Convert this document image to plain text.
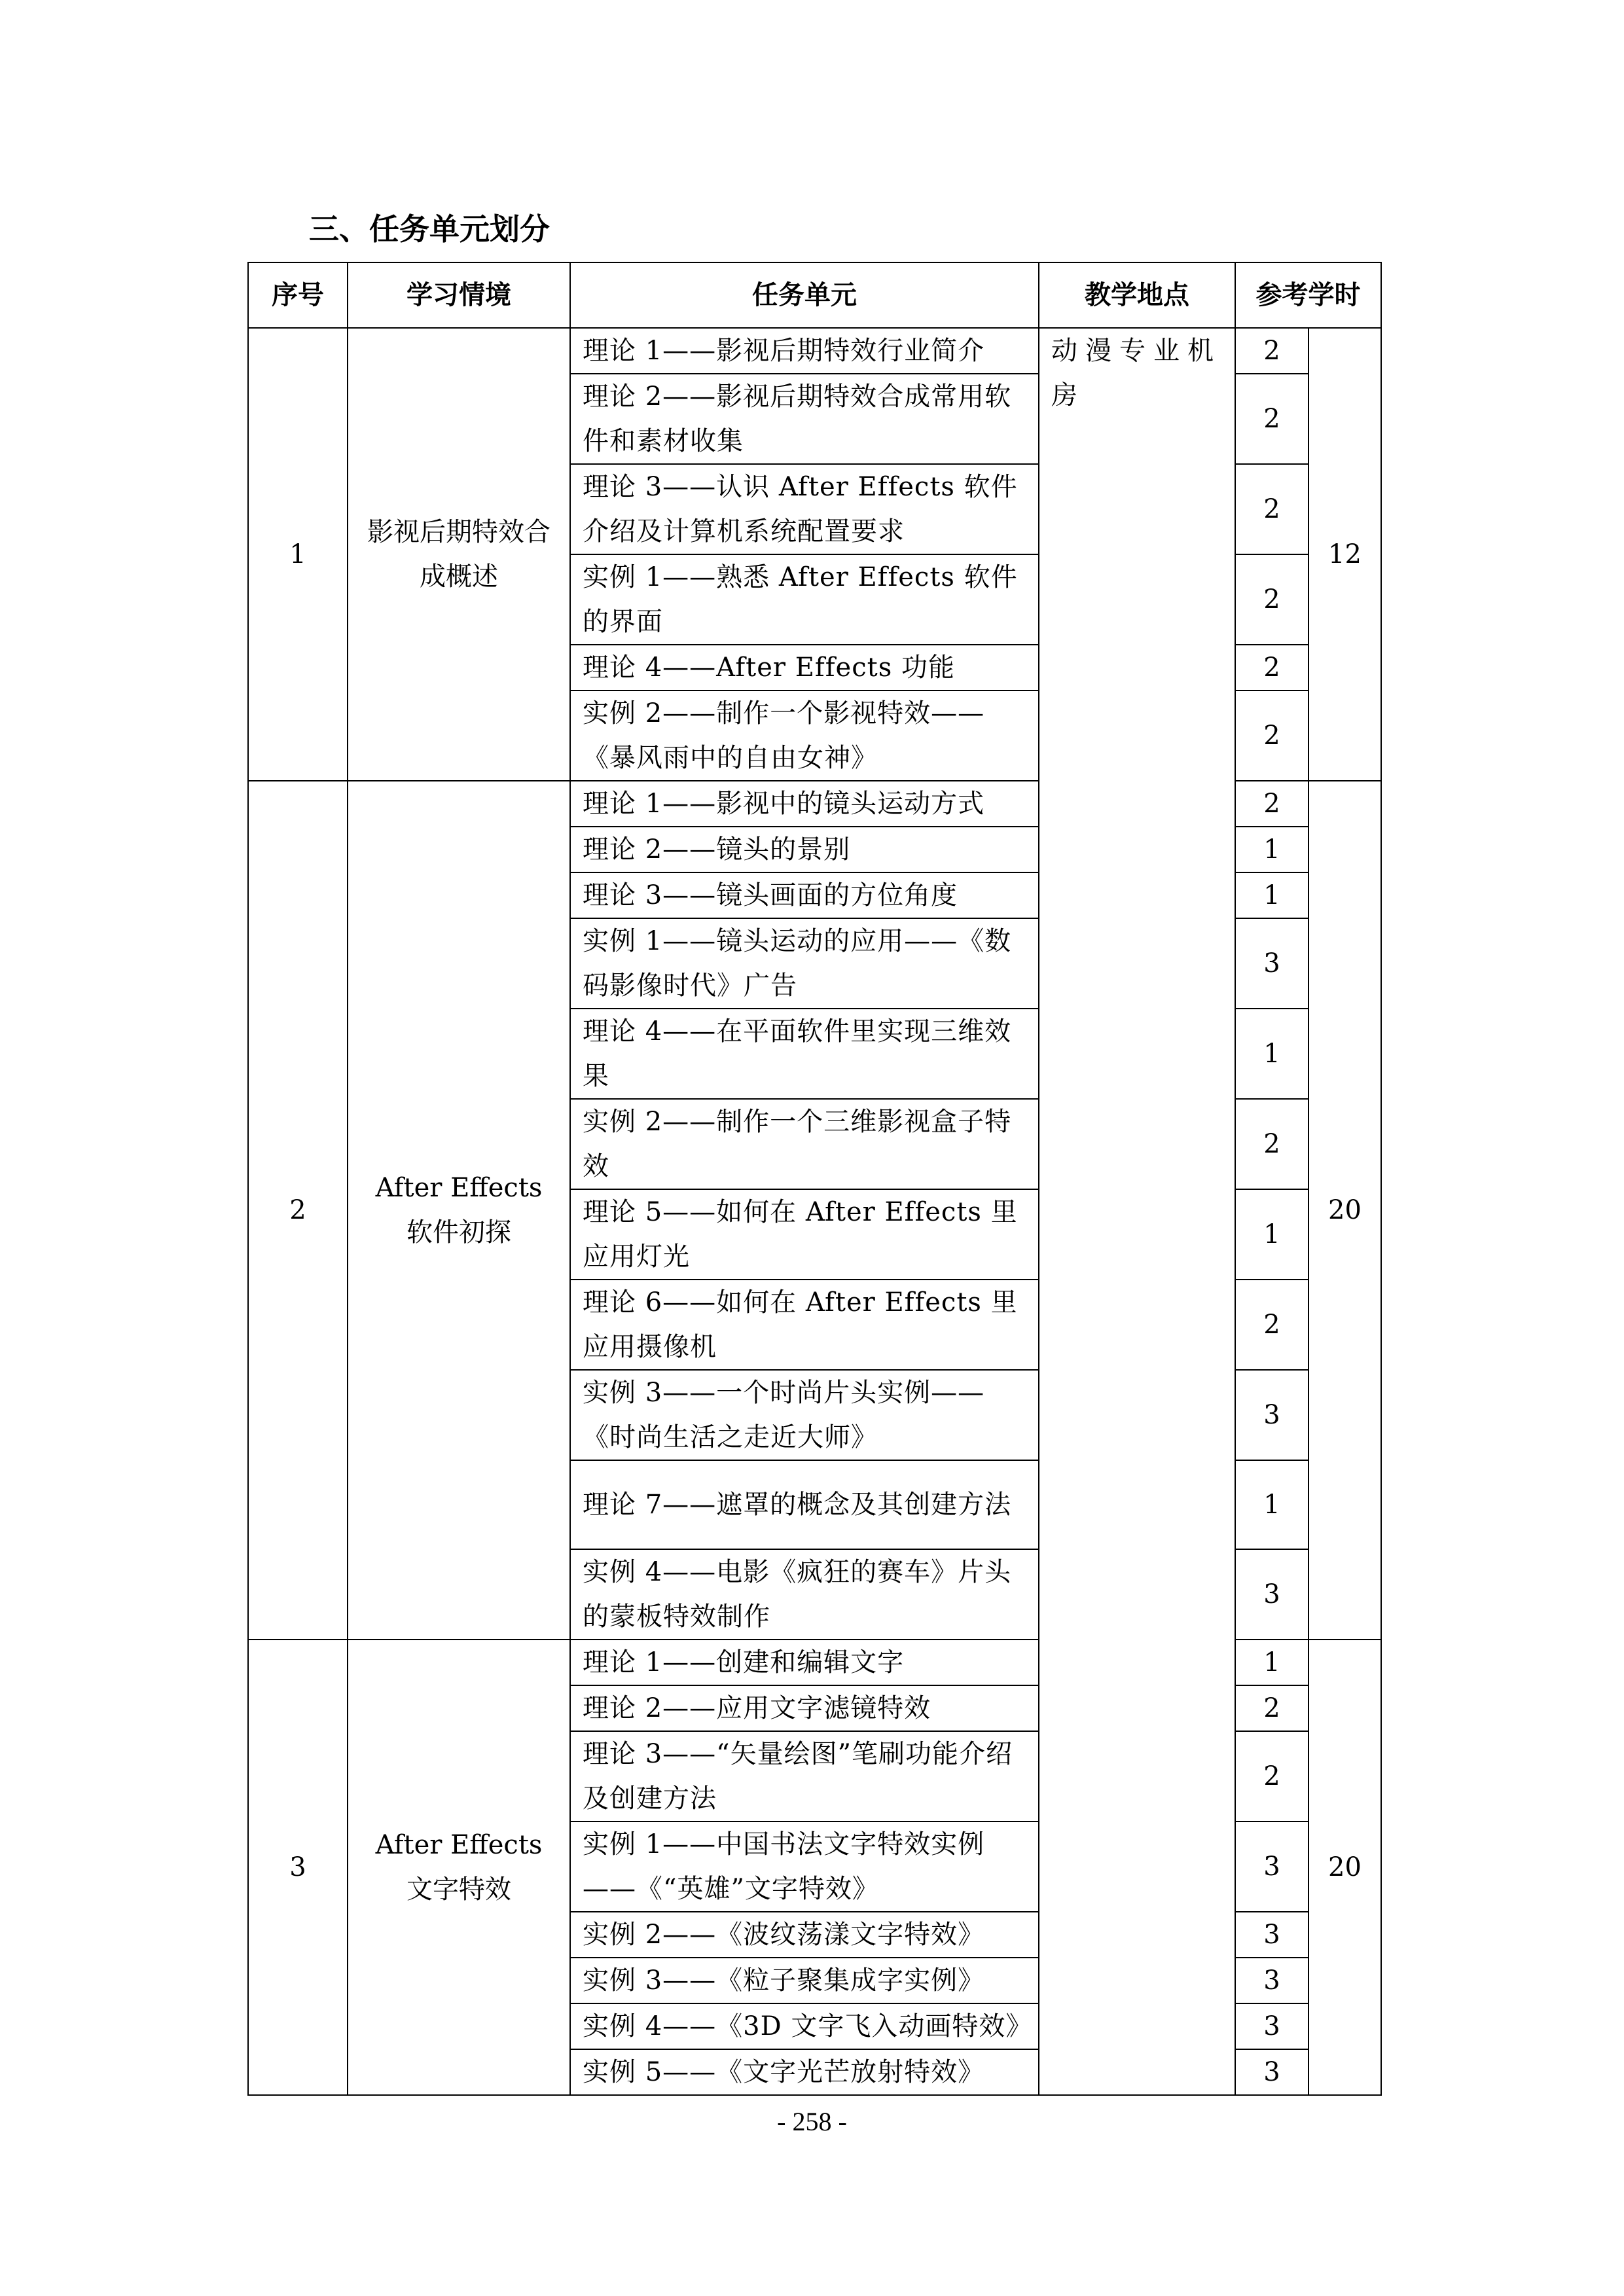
三、任务单元划分
序号	学习情境	任务单元	教学地点	参考学时	
1	影视后期特效合成概述	理论 1——影视后期特效行业简介	动漫专业机房	2	12
		理论 2——影视后期特效合成常用软件和素材收集		2	
		理论 3——认识 After Effects 软件介绍及计算机系统配置要求		2	
		实例 1——熟悉 After Effects 软件的界面		2	
		理论 4——After Effects 功能		2	
		实例 2——制作一个影视特效——《暴风雨中的自由女神》		2	
2	After Effects 软件初探	理论 1——影视中的镜头运动方式		2	20
		理论 2——镜头的景别		1	
		理论 3——镜头画面的方位角度		1	
		实例 1——镜头运动的应用——《数码影像时代》广告		3	
		理论 4——在平面软件里实现三维效果		1	
		实例 2——制作一个三维影视盒子特效		2	
		理论 5——如何在 After Effects 里应用灯光		1	
		理论 6——如何在 After Effects 里应用摄像机		2	
		实例 3——一个时尚片头实例——《时尚生活之走近大师》		3	
		理论 7——遮罩的概念及其创建方法		1	
		实例 4——电影《疯狂的赛车》片头的蒙板特效制作		3	
3	After Effects 文字特效	理论 1——创建和编辑文字		1	20
		理论 2——应用文字滤镜特效		2	
		理论 3——“矢量绘图”笔刷功能介绍及创建方法		2	
		实例 1——中国书法文字特效实例——《“英雄”文字特效》		3	
		实例 2——《波纹荡漾文字特效》		3	
		实例 3——《粒子聚集成字实例》		3	
		实例 4——《3D 文字飞入动画特效》		3	
		实例 5——《文字光芒放射特效》		3	
- 258 -
